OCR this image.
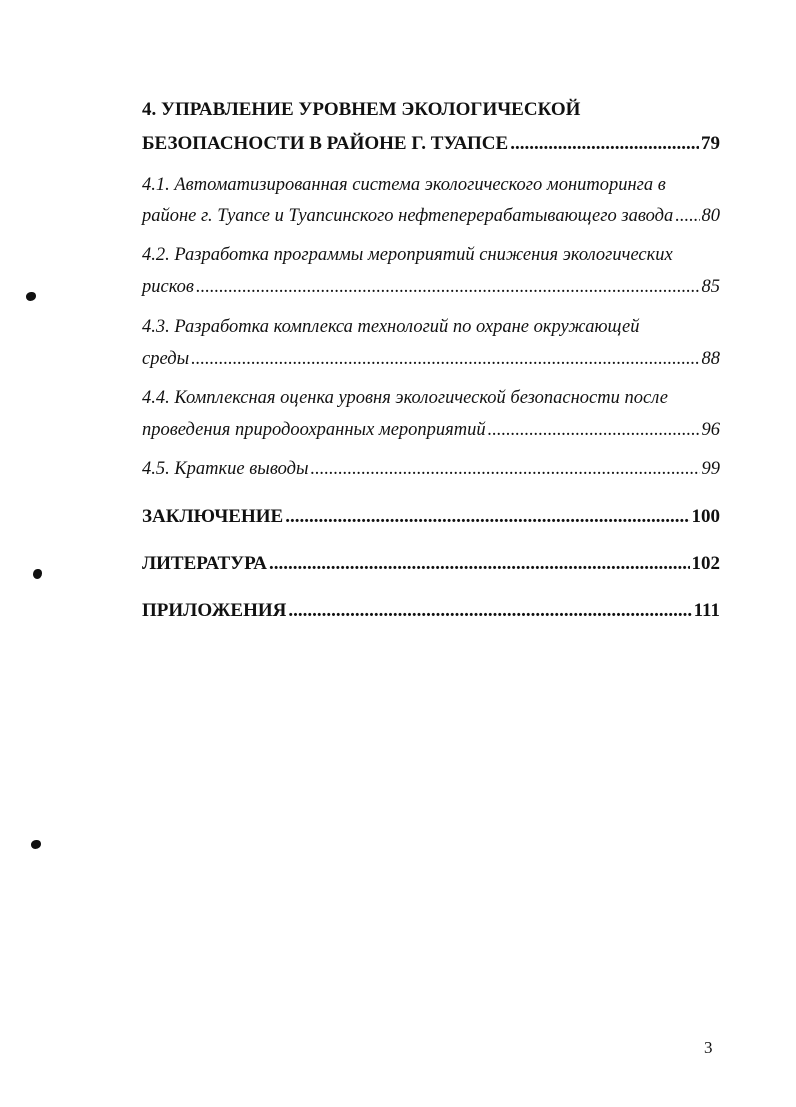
4. УПРАВЛЕНИЕ УРОВНЕМ ЭКОЛОГИЧЕСКОЙ
БЕЗОПАСНОСТИ В РАЙОНЕ Г. ТУАПСЕ .....	79
4.1. Автоматизированная система экологического мониторинга в
районе г. Туапсе и Туапсинского нефтеперерабатывающего завода ..... 80
4.2. Разработка программы мероприятий снижения экологических
рисков .....	85
4.3. Разработка комплекса технологий по охране окружающей
среды .....	88
4.4. Комплексная оценка уровня экологической безопасности после
проведения природоохранных мероприятий .....	96
4.5. Краткие выводы .....	99
ЗАКЛЮЧЕНИЕ .....	100
ЛИТЕРАТУРА .....	102
ПРИЛОЖЕНИЯ .....	111
3
